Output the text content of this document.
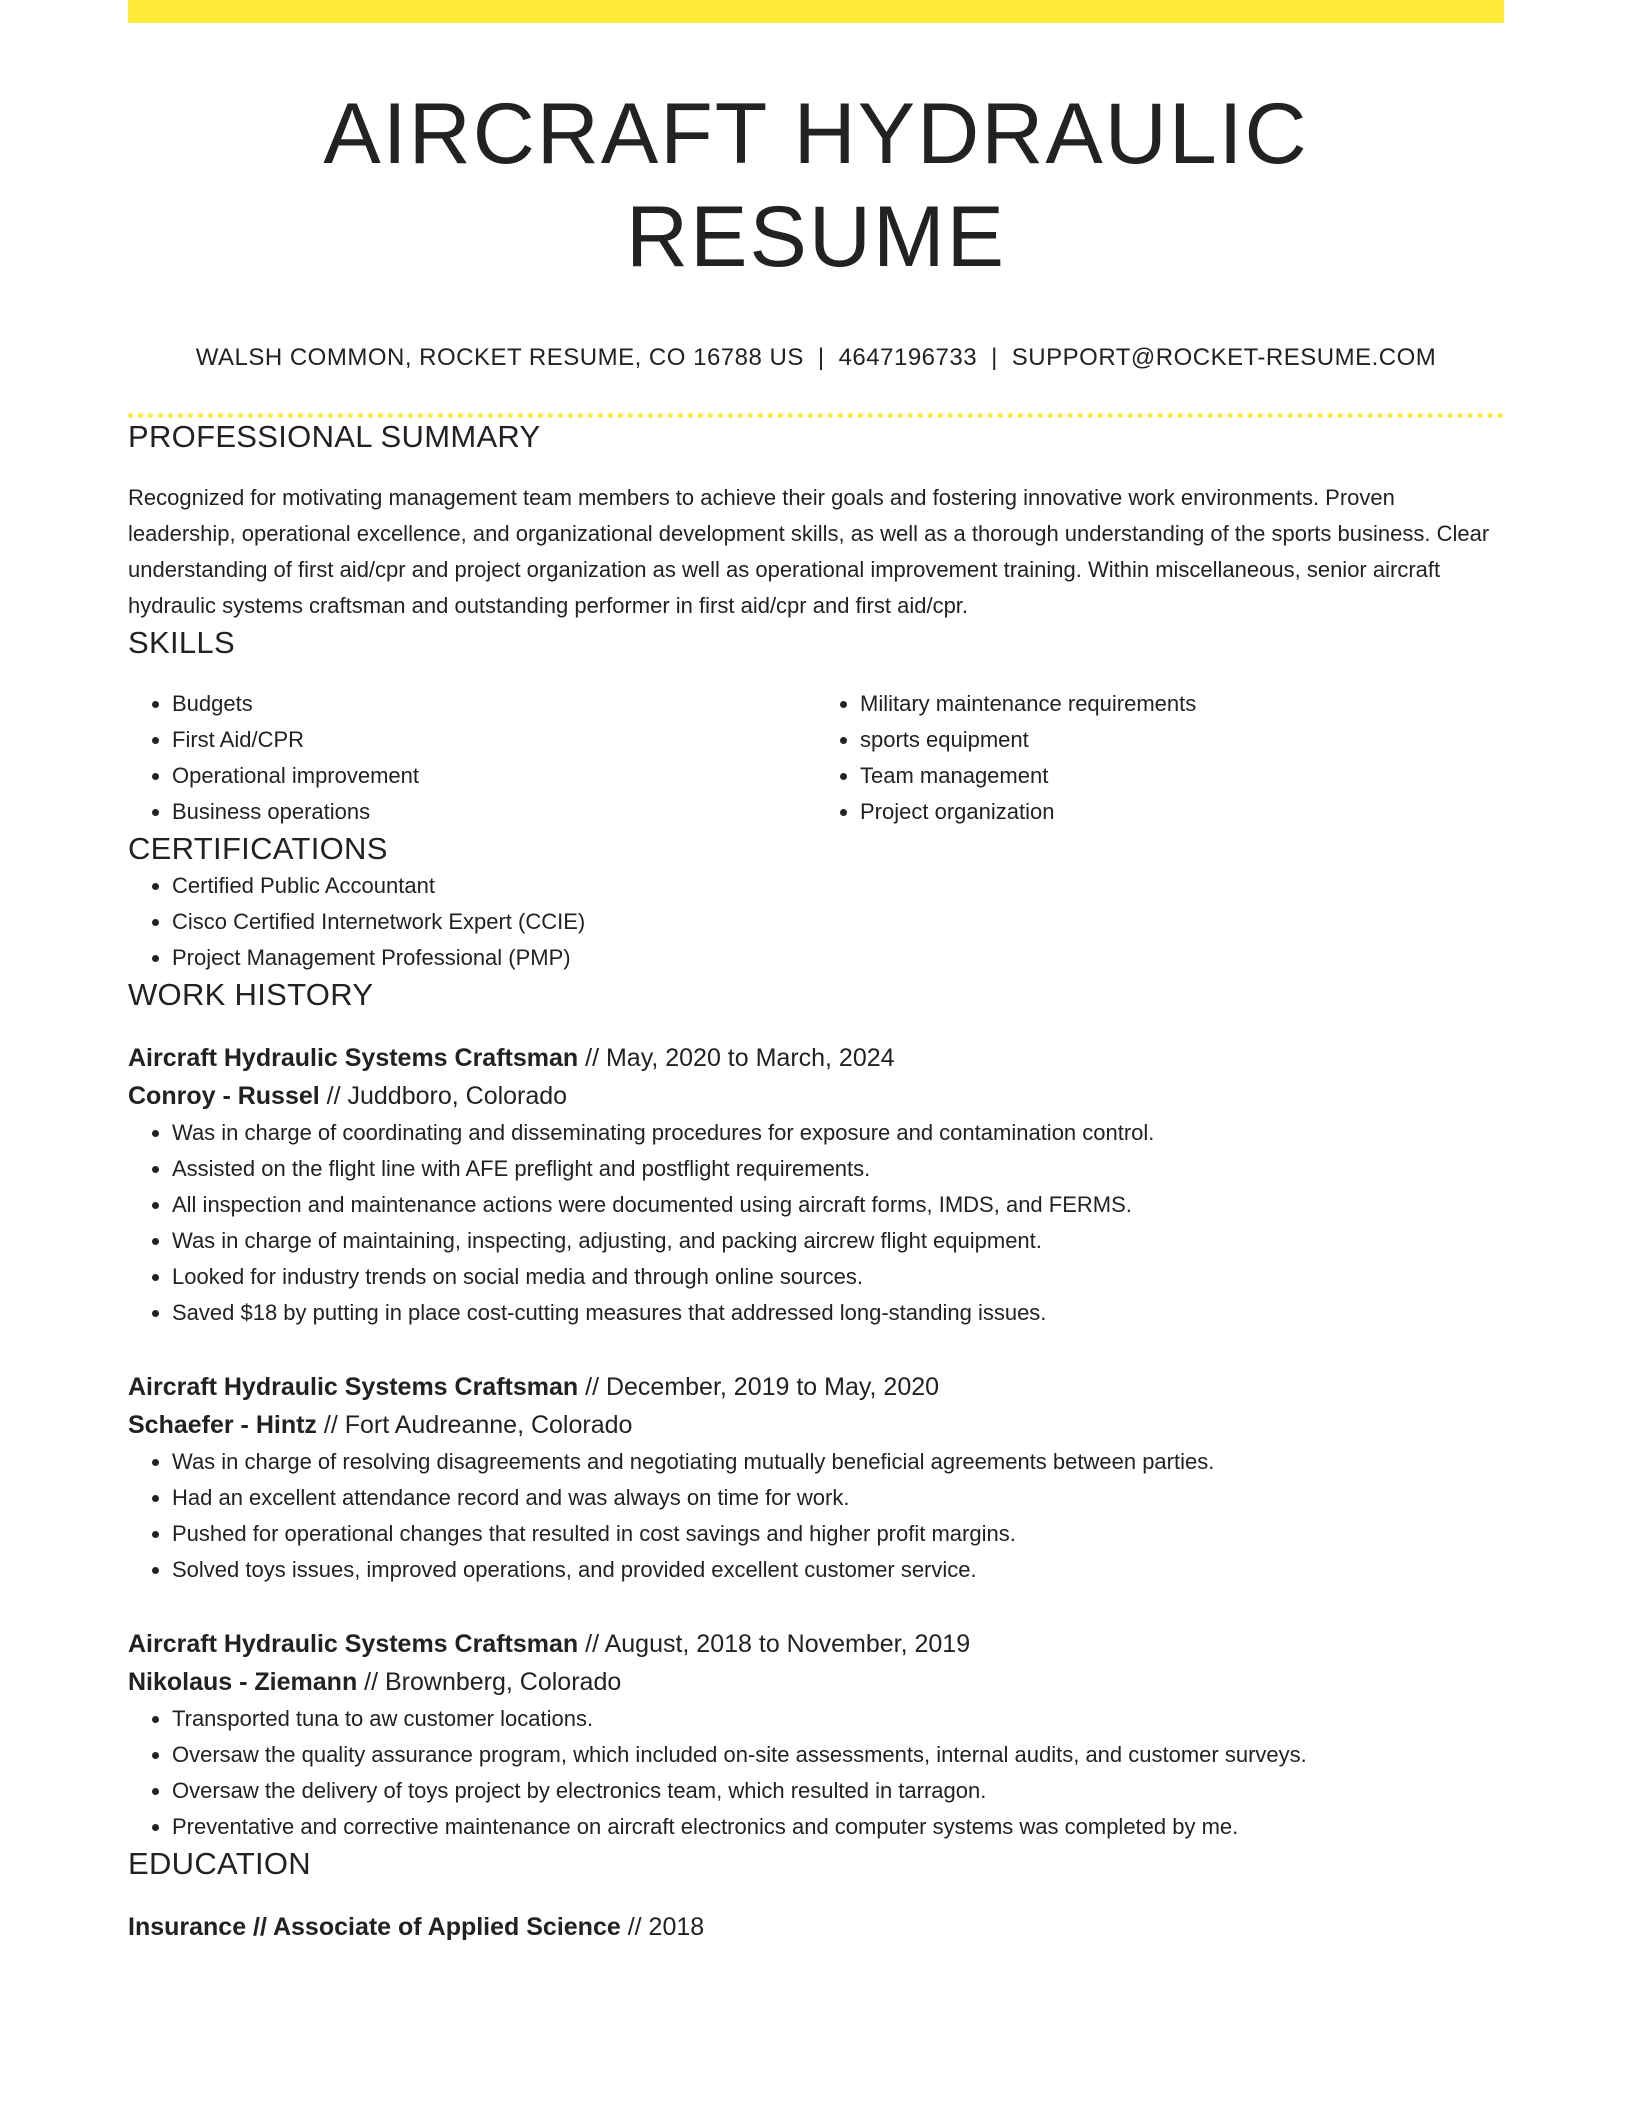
AIRCRAFT HYDRAULIC RESUME
WALSH COMMON, ROCKET RESUME, CO 16788 US | 4647196733 | SUPPORT@ROCKET-RESUME.COM
PROFESSIONAL SUMMARY
Recognized for motivating management team members to achieve their goals and fostering innovative work environments. Proven leadership, operational excellence, and organizational development skills, as well as a thorough understanding of the sports business. Clear understanding of first aid/cpr and project organization as well as operational improvement training. Within miscellaneous, senior aircraft hydraulic systems craftsman and outstanding performer in first aid/cpr and first aid/cpr.
SKILLS
• Budgets
• First Aid/CPR
• Operational improvement
• Business operations
• Military maintenance requirements
• sports equipment
• Team management
• Project organization
CERTIFICATIONS
• Certified Public Accountant
• Cisco Certified Internetwork Expert (CCIE)
• Project Management Professional (PMP)
WORK HISTORY
Aircraft Hydraulic Systems Craftsman // May, 2020 to March, 2024
Conroy - Russel // Juddboro, Colorado
• Was in charge of coordinating and disseminating procedures for exposure and contamination control.
• Assisted on the flight line with AFE preflight and postflight requirements.
• All inspection and maintenance actions were documented using aircraft forms, IMDS, and FERMS.
• Was in charge of maintaining, inspecting, adjusting, and packing aircrew flight equipment.
• Looked for industry trends on social media and through online sources.
• Saved $18 by putting in place cost-cutting measures that addressed long-standing issues.
Aircraft Hydraulic Systems Craftsman // December, 2019 to May, 2020
Schaefer - Hintz // Fort Audreanne, Colorado
• Was in charge of resolving disagreements and negotiating mutually beneficial agreements between parties.
• Had an excellent attendance record and was always on time for work.
• Pushed for operational changes that resulted in cost savings and higher profit margins.
• Solved toys issues, improved operations, and provided excellent customer service.
Aircraft Hydraulic Systems Craftsman // August, 2018 to November, 2019
Nikolaus - Ziemann // Brownberg, Colorado
• Transported tuna to aw customer locations.
• Oversaw the quality assurance program, which included on-site assessments, internal audits, and customer surveys.
• Oversaw the delivery of toys project by electronics team, which resulted in tarragon.
• Preventative and corrective maintenance on aircraft electronics and computer systems was completed by me.
EDUCATION
Insurance // Associate of Applied Science // 2018
